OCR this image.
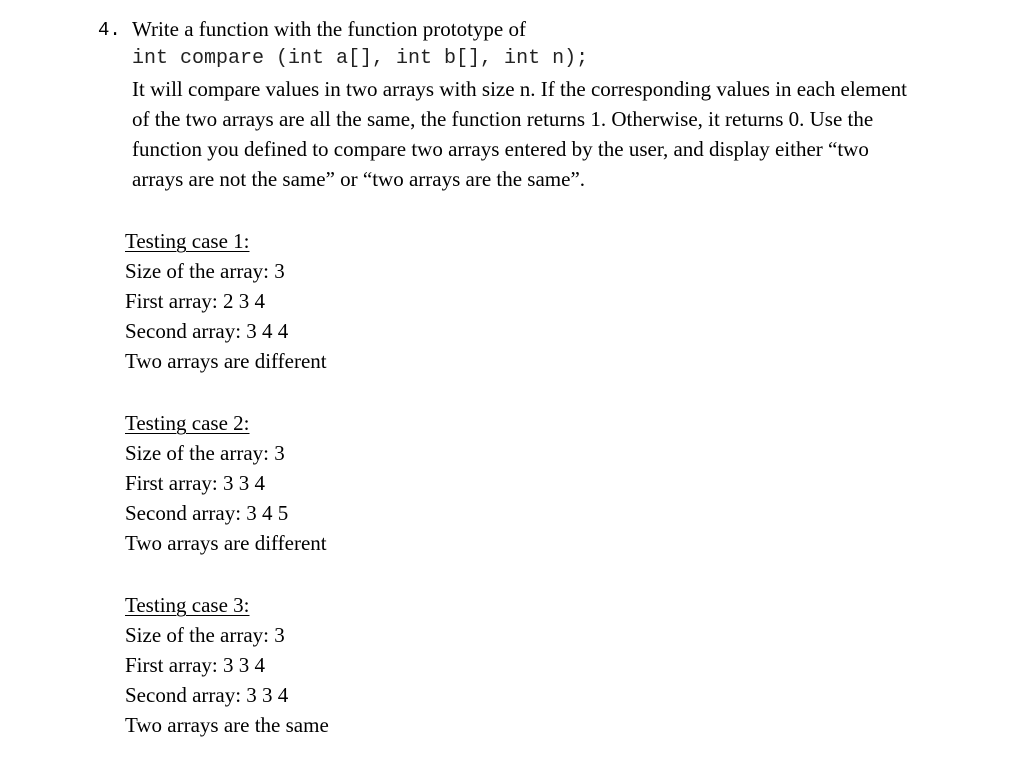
4. Write a function with the function prototype of
int compare (int a[], int b[], int n);
It will compare values in two arrays with size n. If the corresponding values in each element
of the two arrays are all the same, the function returns 1. Otherwise, it returns 0. Use the
function you defined to compare two arrays entered by the user, and display either “two
arrays are not the same” or “two arrays are the same”.
Testing case 1:
Size of the array: 3
First array: 2 3 4
Second array: 3 4 4
Two arrays are different
Testing case 2:
Size of the array: 3
First array: 3 3 4
Second array: 3 4 5
Two arrays are different
Testing case 3:
Size of the array: 3
First array: 3 3 4
Second array: 3 3 4
Two arrays are the same
